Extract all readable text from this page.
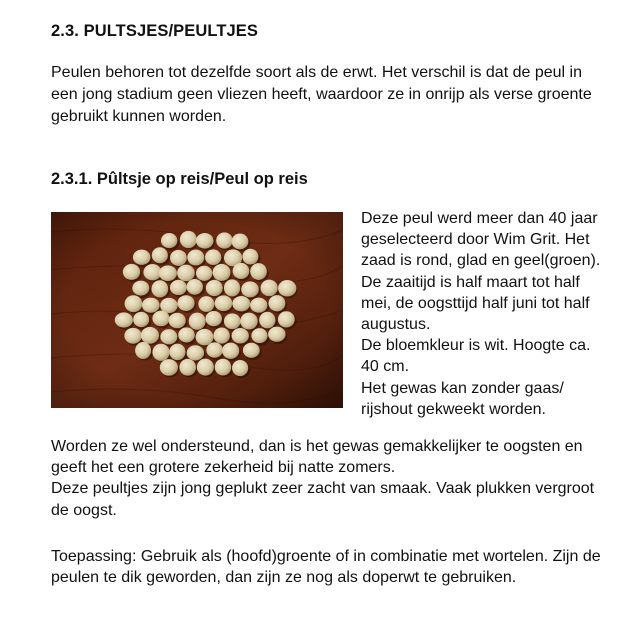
2.3. PULTSJES/PEULTJES
Peulen behoren tot dezelfde soort als de erwt. Het verschil is dat de peul in een jong stadium geen vliezen heeft, waardoor ze in onrijp als verse groente gebruikt kunnen worden.
2.3.1. Pûltsje op reis/Peul op reis

Deze peul werd meer dan 40 jaar geselecteerd door Wim Grit. Het zaad is rond, glad en geel(groen).

De zaaitijd is half maart tot half mei, de oogsttijd half juni tot half augustus.

De bloemkleur is wit. Hoogte ca. 40 cm.

Het gewas kan zonder gaas/ rijshout gekweekt worden.

Worden ze wel ondersteund, dan is het gewas gemakkelijker te oogsten en geeft het een grotere zekerheid bij natte zomers.

Deze peultjes zijn jong geplukt zeer zacht van smaak. Vaak plukken vergroot de oogst.

Toepassing: Gebruik als (hoofd)groente of in combinatie met wortelen. Zijn de peulen te dik geworden, dan zijn ze nog als doperwt te gebruiken.
